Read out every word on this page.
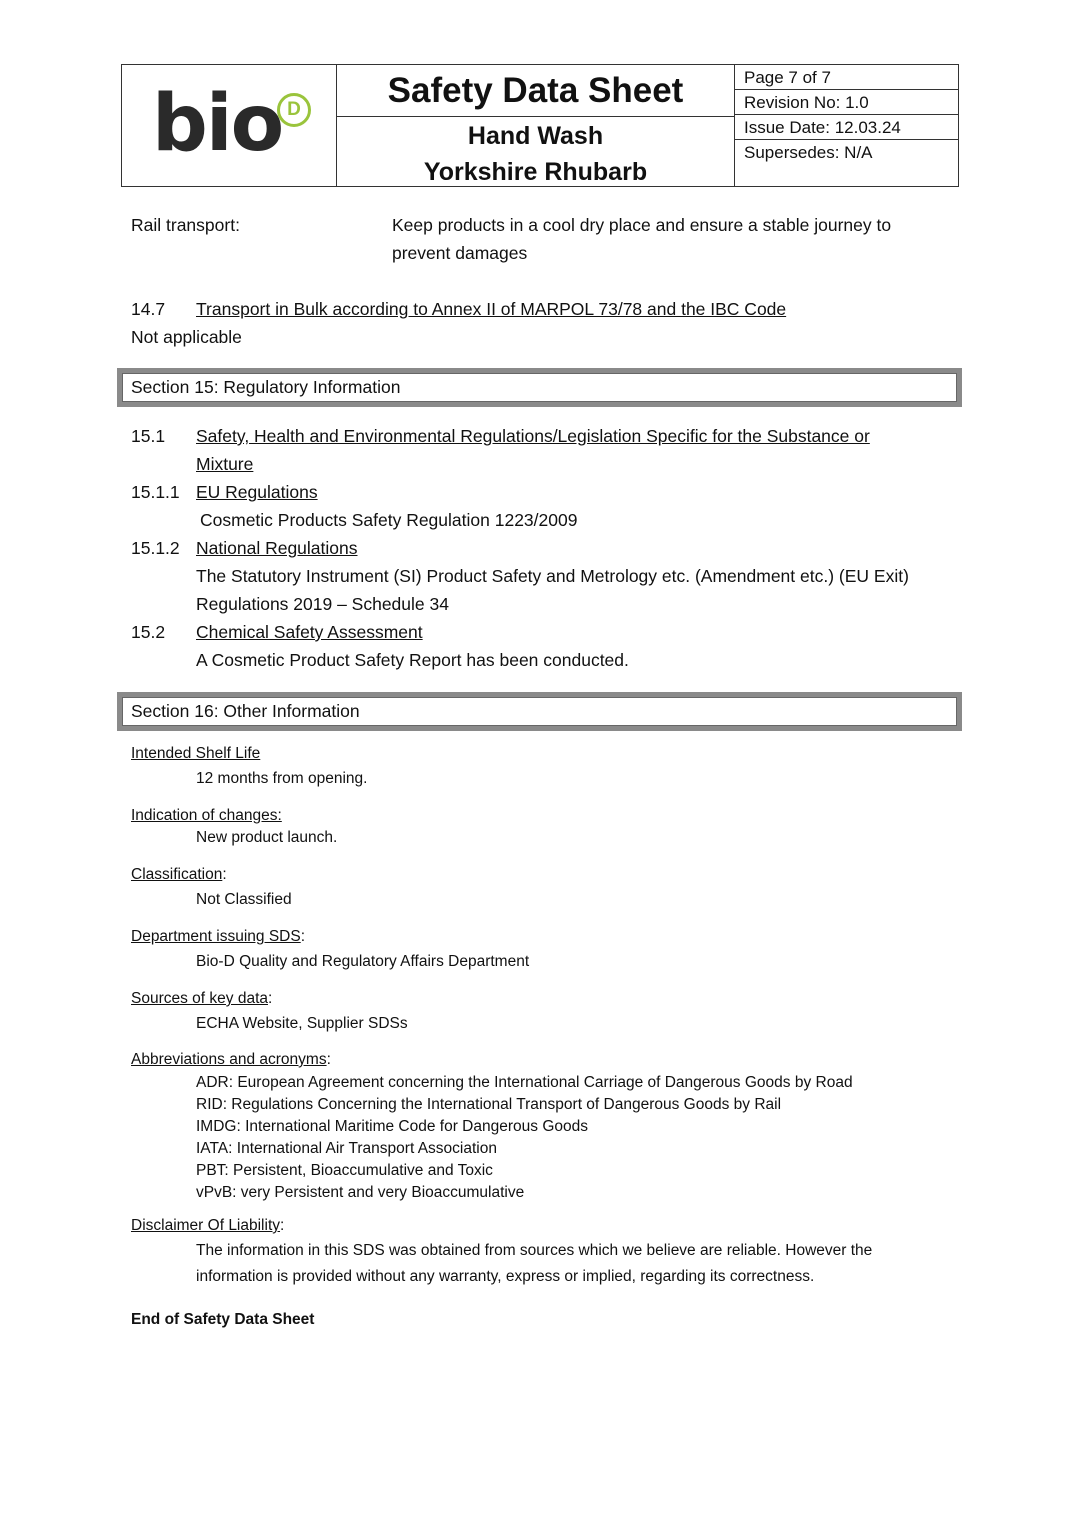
bio D	Safety Data Sheet
Hand Wash
Yorkshire Rhubarb
Page 7 of 7
Revision No: 1.0
Issue Date: 12.03.24
Supersedes: N/A
Rail transport:	Keep products in a cool dry place and ensure a stable journey to
prevent damages
14.7 Transport in Bulk according to Annex II of MARPOL 73/78 and the IBC Code
Not applicable
Section 15: Regulatory Information
15.1 Safety, Health and Environmental Regulations/Legislation Specific for the Substance or
Mixture
15.1.1 EU Regulations
Cosmetic Products Safety Regulation 1223/2009
15.1.2 National Regulations
The Statutory Instrument (SI) Product Safety and Metrology etc. (Amendment etc.) (EU Exit)
Regulations 2019 – Schedule 34
15.2 Chemical Safety Assessment
A Cosmetic Product Safety Report has been conducted.
Section 16: Other Information
Intended Shelf Life
12 months from opening.
Indication of changes:
New product launch.
Classification:
Not Classified
Department issuing SDS:
Bio-D Quality and Regulatory Affairs Department
Sources of key data:
ECHA Website, Supplier SDSs
Abbreviations and acronyms:
ADR: European Agreement concerning the International Carriage of Dangerous Goods by Road
RID: Regulations Concerning the International Transport of Dangerous Goods by Rail
IMDG: International Maritime Code for Dangerous Goods
IATA: International Air Transport Association
PBT: Persistent, Bioaccumulative and Toxic
vPvB: very Persistent and very Bioaccumulative
Disclaimer Of Liability:
The information in this SDS was obtained from sources which we believe are reliable. However the
information is provided without any warranty, express or implied, regarding its correctness.
End of Safety Data Sheet
